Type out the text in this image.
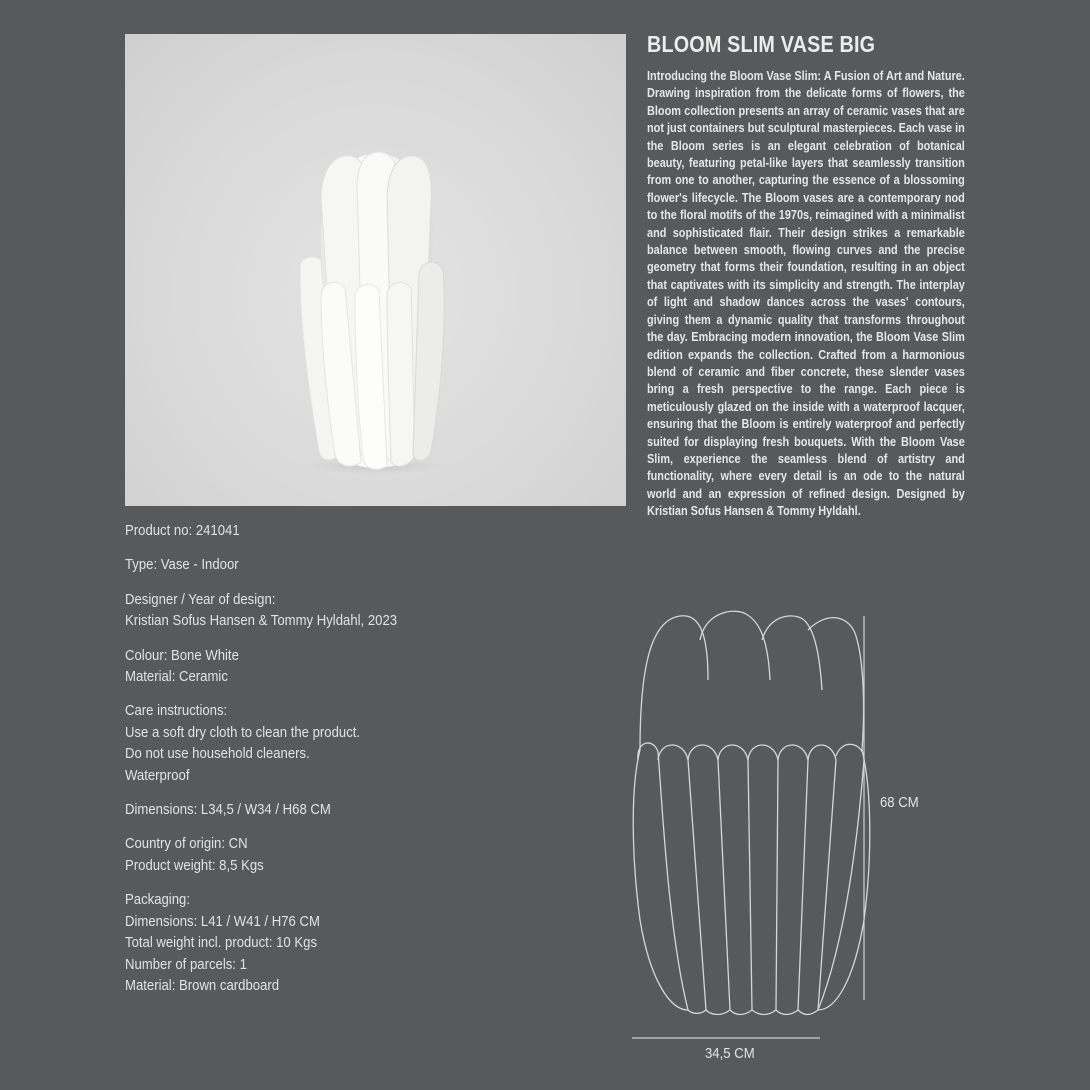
BLOOM SLIM VASE BIG
Introducing the Bloom Vase Slim: A Fusion of Art and Nature. Drawing inspiration from the delicate forms of flowers, the Bloom collection presents an array of ceramic vases that are not just containers but sculptural masterpieces. Each vase in the Bloom series is an elegant celebration of botanical beauty, featuring petal-like layers that seamlessly transition from one to another, capturing the essence of a blossoming flower's lifecycle. The Bloom vases are a contemporary nod to the floral motifs of the 1970s, reimagined with a minimalist and sophisticated flair. Their design strikes a remarkable balance between smooth, flowing curves and the precise geometry that forms their foundation, resulting in an object that captivates with its simplicity and strength. The interplay of light and shadow dances across the vases' contours, giving them a dynamic quality that transforms throughout the day. Embracing modern innovation, the Bloom Vase Slim edition expands the collection. Crafted from a harmonious blend of ceramic and fiber concrete, these slender vases bring a fresh perspective to the range. Each piece is meticulously glazed on the inside with a waterproof lacquer, ensuring that the Bloom is entirely waterproof and perfectly suited for displaying fresh bouquets. With the Bloom Vase Slim, experience the seamless blend of artistry and functionality, where every detail is an ode to the natural world and an expression of refined design. Designed by Kristian Sofus Hansen & Tommy Hyldahl.
Product no: 241041
Type: Vase - Indoor
Designer / Year of design:
Kristian Sofus Hansen & Tommy Hyldahl, 2023
Colour: Bone White
Material: Ceramic
Care instructions:
Use a soft dry cloth to clean the product.
Do not use household cleaners.
Waterproof
Dimensions: L34,5 / W34 / H68 CM
Country of origin: CN
Product weight: 8,5 Kgs
Packaging:
Dimensions: L41 / W41 / H76 CM
Total weight incl. product: 10 Kgs
Number of parcels: 1
Material: Brown cardboard
68 CM
34,5 CM
